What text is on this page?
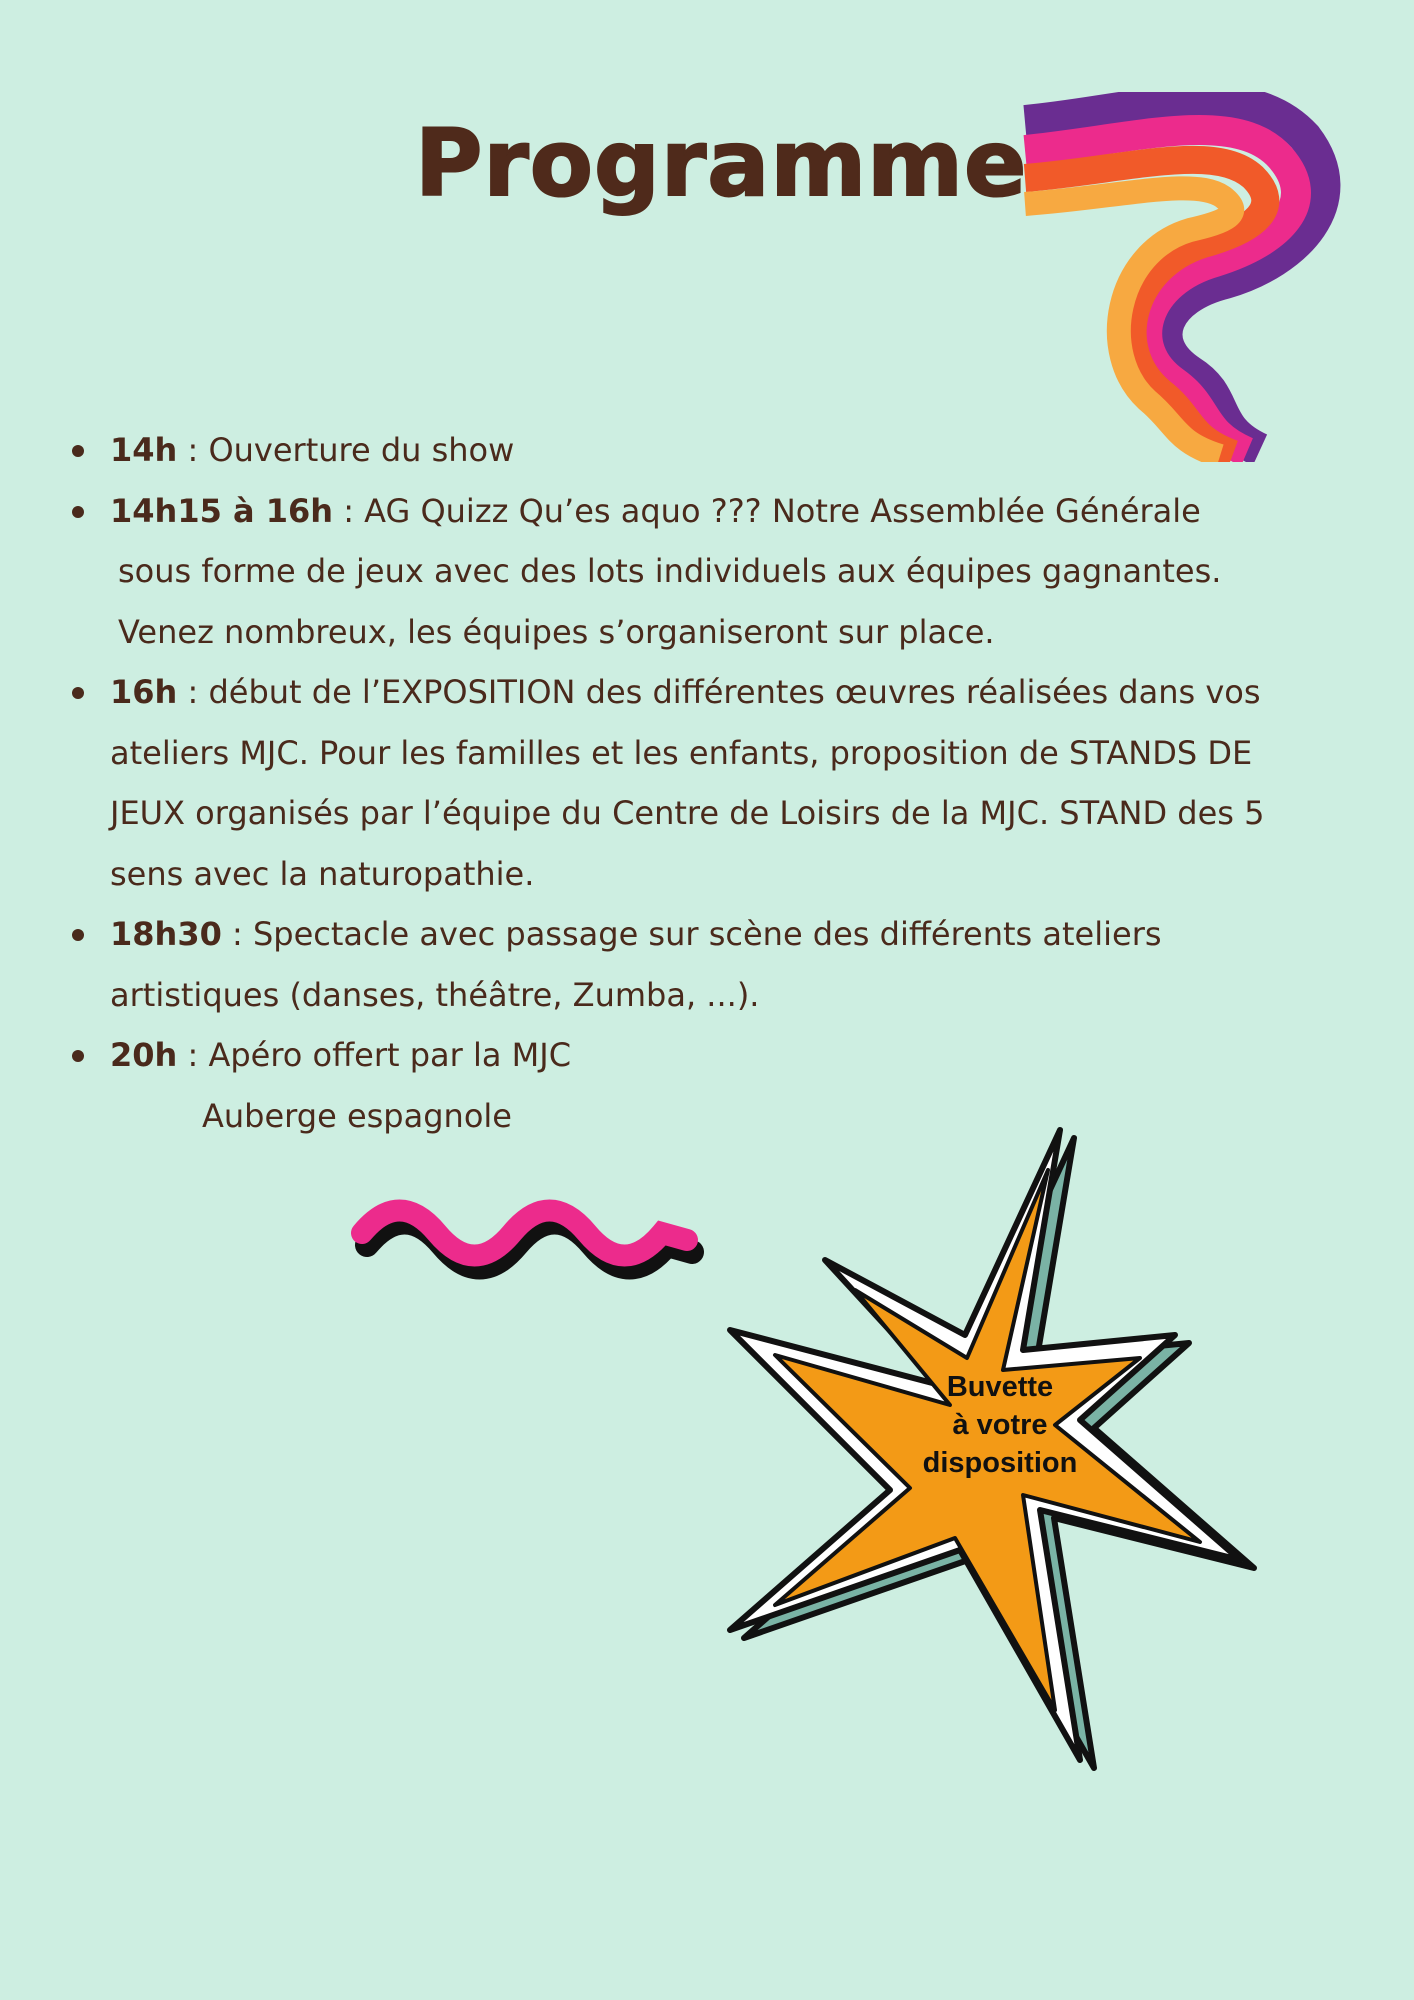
Programme
14h : Ouverture du show
14h15 à 16h : AG Quizz Qu’es aquo ??? Notre Assemblée Générale
sous forme de jeux avec des lots individuels aux équipes gagnantes.
Venez nombreux, les équipes s’organiseront sur place.
16h : début de l’EXPOSITION des différentes œuvres réalisées dans vos
ateliers MJC. Pour les familles et les enfants, proposition de STANDS DE
JEUX organisés par l’équipe du Centre de Loisirs de la MJC. STAND des 5
sens avec la naturopathie.
18h30 : Spectacle avec passage sur scène des différents ateliers
artistiques (danses, théâtre, Zumba, ...).
20h : Apéro offert par la MJC
Auberge espagnole
Buvette
à votre
disposition
